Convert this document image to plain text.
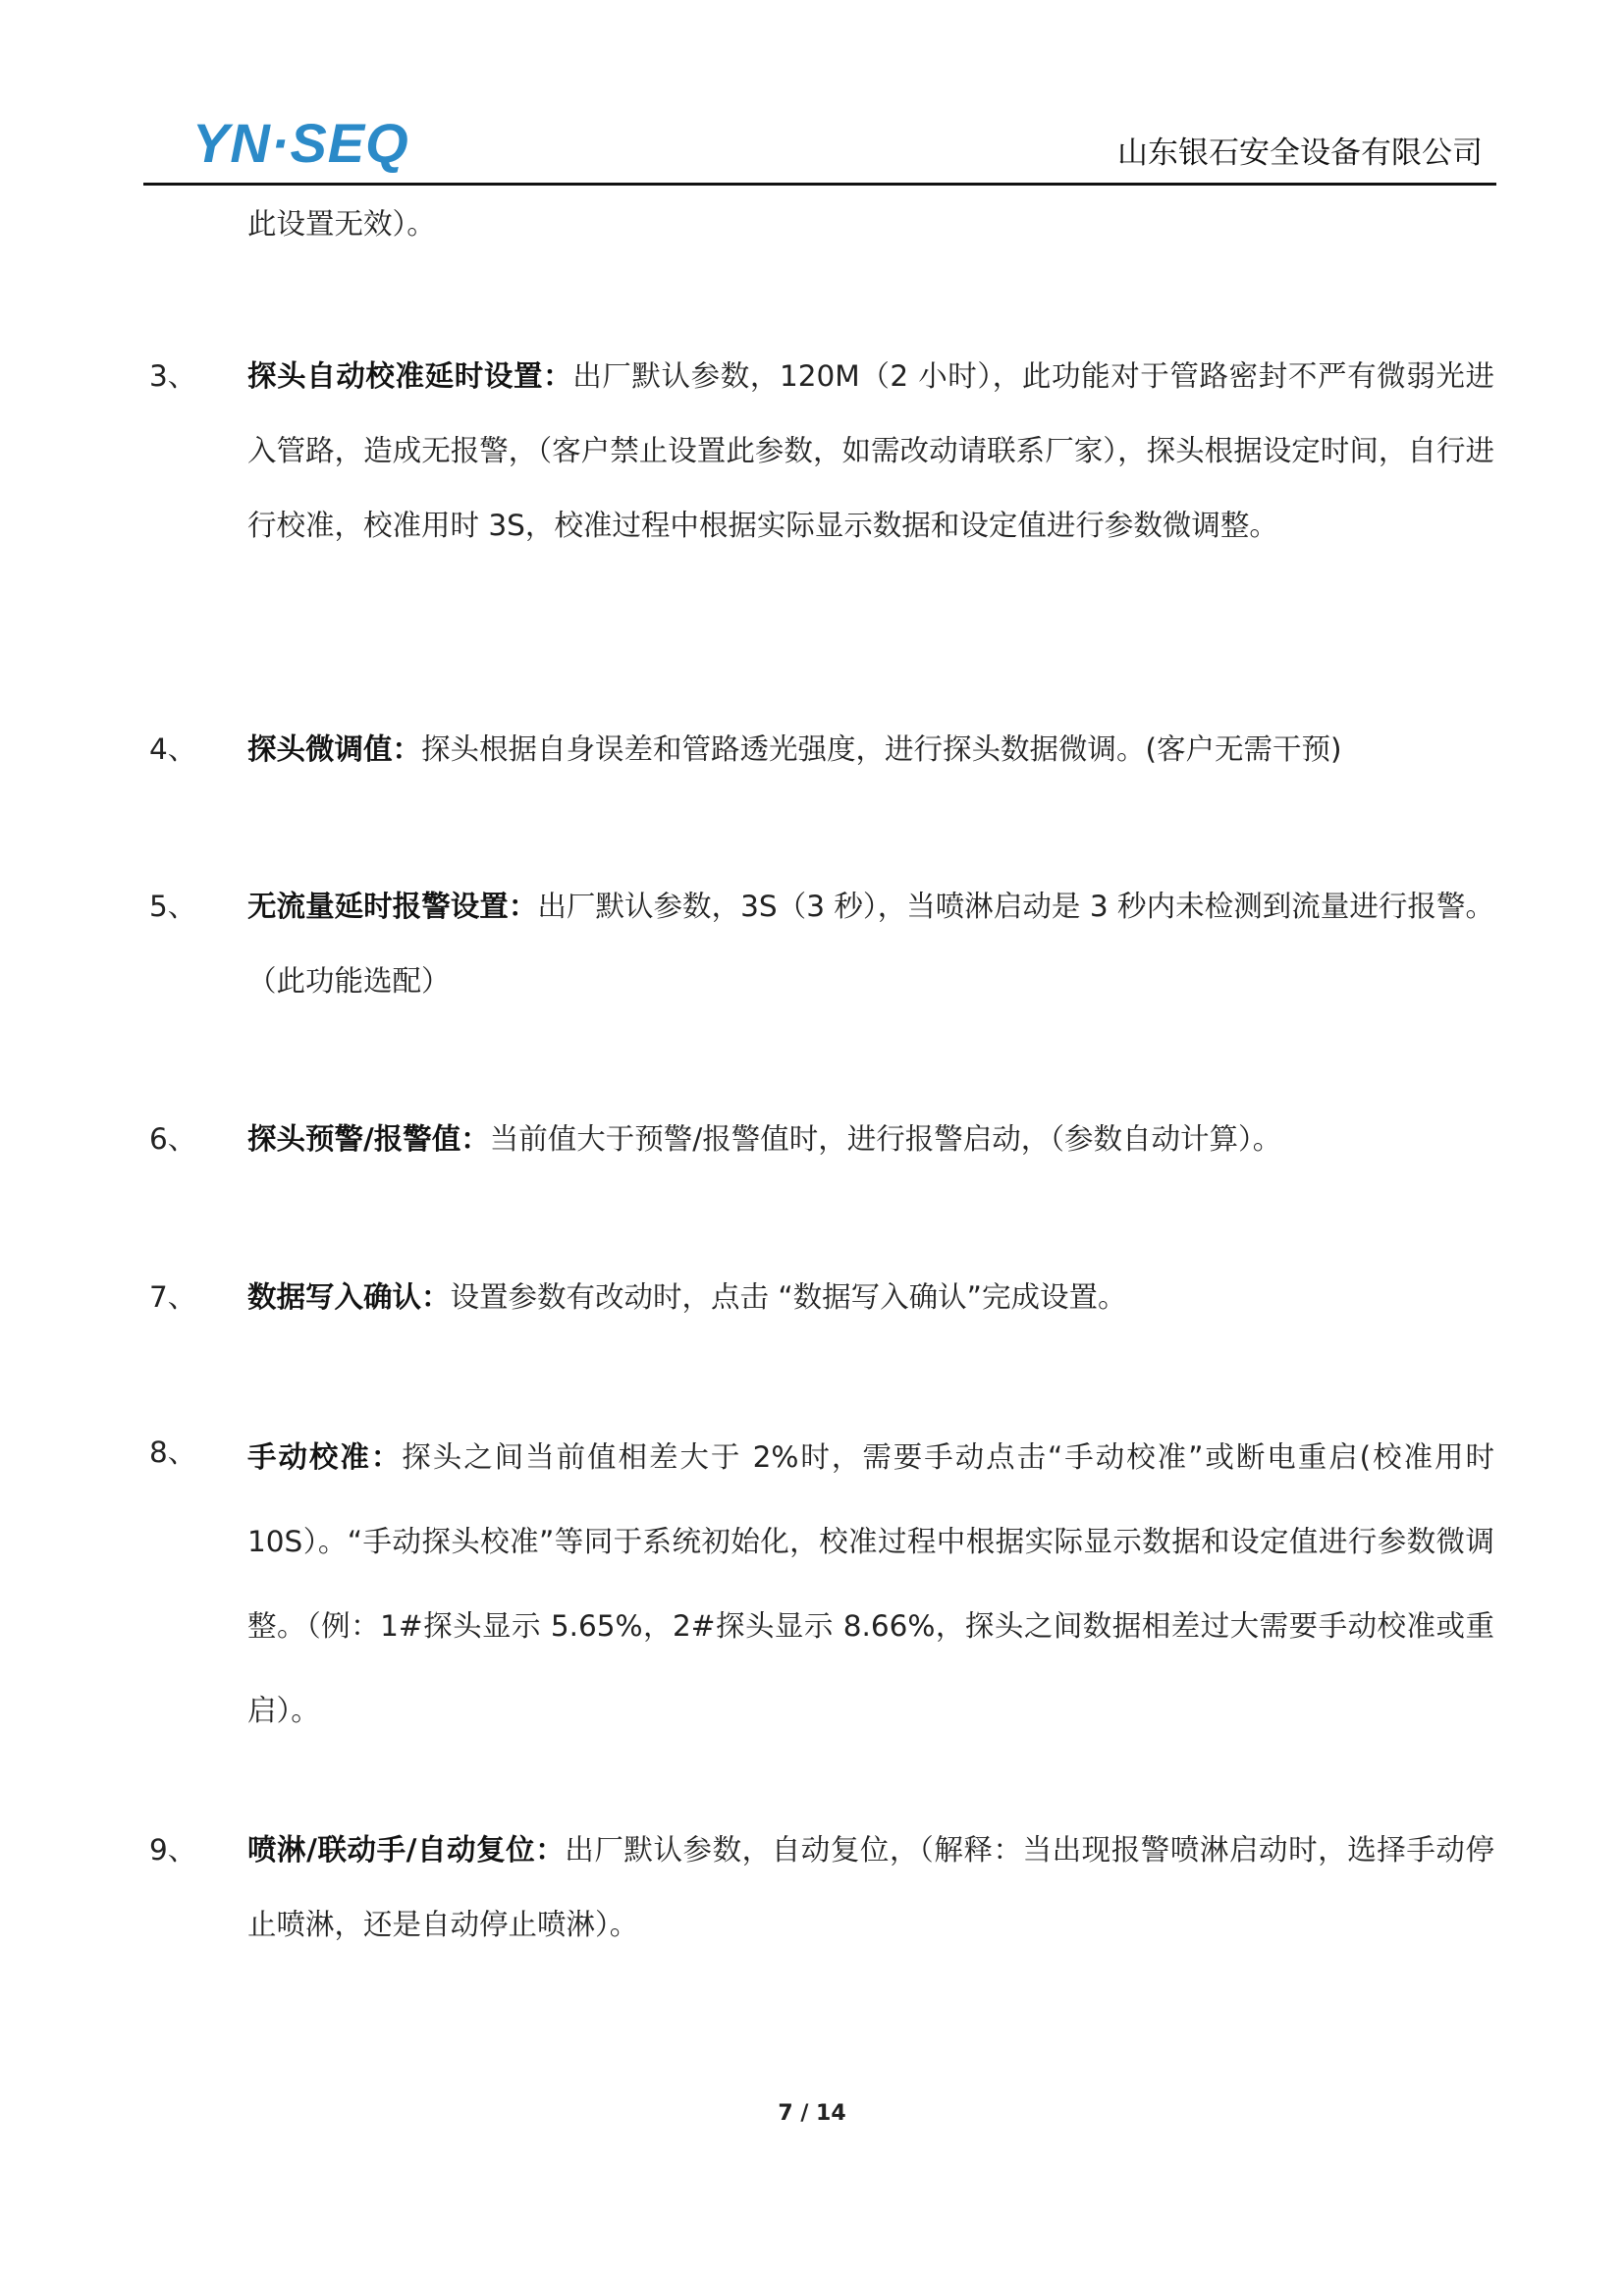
YN·SEQ	山东银石安全设备有限公司
此设置无效）。
3、 探头自动校准延时设置：出厂默认参数，120M（2 小时），此功能对于管路密封不严有微弱光进入管路，造成无报警，（客户禁止设置此参数，如需改动请联系厂家），探头根据设定时间，自行进行校准，校准用时 3S，校准过程中根据实际显示数据和设定值进行参数微调整。
4、 探头微调值：探头根据自身误差和管路透光强度，进行探头数据微调。(客户无需干预)
5、 无流量延时报警设置：出厂默认参数，3S（3 秒），当喷淋启动是 3 秒内未检测到流量进行报警。（此功能选配）
6、 探头预警/报警值：当前值大于预警/报警值时，进行报警启动，（参数自动计算）。
7、 数据写入确认：设置参数有改动时，点击 “数据写入确认”完成设置。
8、 手动校准：探头之间当前值相差大于 2%时，需要手动点击“手动校准”或断电重启(校准用时 10S）。“手动探头校准”等同于系统初始化，校准过程中根据实际显示数据和设定值进行参数微调整。（例：1#探头显示 5.65%，2#探头显示 8.66%，探头之间数据相差过大需要手动校准或重启）。
9、 喷淋/联动手/自动复位：出厂默认参数，自动复位，（解释：当出现报警喷淋启动时，选择手动停止喷淋，还是自动停止喷淋）。
7 / 14
